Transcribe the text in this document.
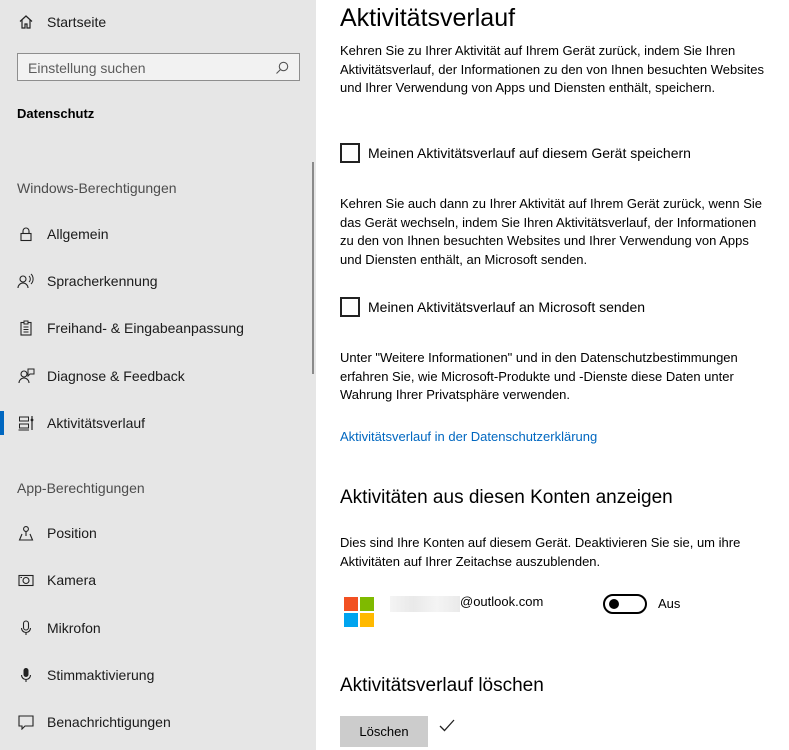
Startseite
Einstellung suchen
Datenschutz
Windows-Berechtigungen
Allgemein
Spracherkennung
Freihand- & Eingabeanpassung
Diagnose & Feedback
Aktivitätsverlauf
App-Berechtigungen
Position
Kamera
Mikrofon
Stimmaktivierung
Benachrichtigungen
Aktivitätsverlauf
Kehren Sie zu Ihrer Aktivität auf Ihrem Gerät zurück, indem Sie Ihren Aktivitätsverlauf, der Informationen zu den von Ihnen besuchten Websites und Ihrer Verwendung von Apps und Diensten enthält, speichern.
Meinen Aktivitätsverlauf auf diesem Gerät speichern
Kehren Sie auch dann zu Ihrer Aktivität auf Ihrem Gerät zurück, wenn Sie das Gerät wechseln, indem Sie Ihren Aktivitätsverlauf, der Informationen zu den von Ihnen besuchten Websites und Ihrer Verwendung von Apps und Diensten enthält, an Microsoft senden.
Meinen Aktivitätsverlauf an Microsoft senden
Unter "Weitere Informationen" und in den Datenschutzbestimmungen erfahren Sie, wie Microsoft-Produkte und -Dienste diese Daten unter Wahrung Ihrer Privatsphäre verwenden.
Aktivitätsverlauf in der Datenschutzerklärung
Aktivitäten aus diesen Konten anzeigen
Dies sind Ihre Konten auf diesem Gerät. Deaktivieren Sie sie, um ihre Aktivitäten auf Ihrer Zeitachse auszublenden.
@outlook.com	Aus
Aktivitätsverlauf löschen
Löschen
